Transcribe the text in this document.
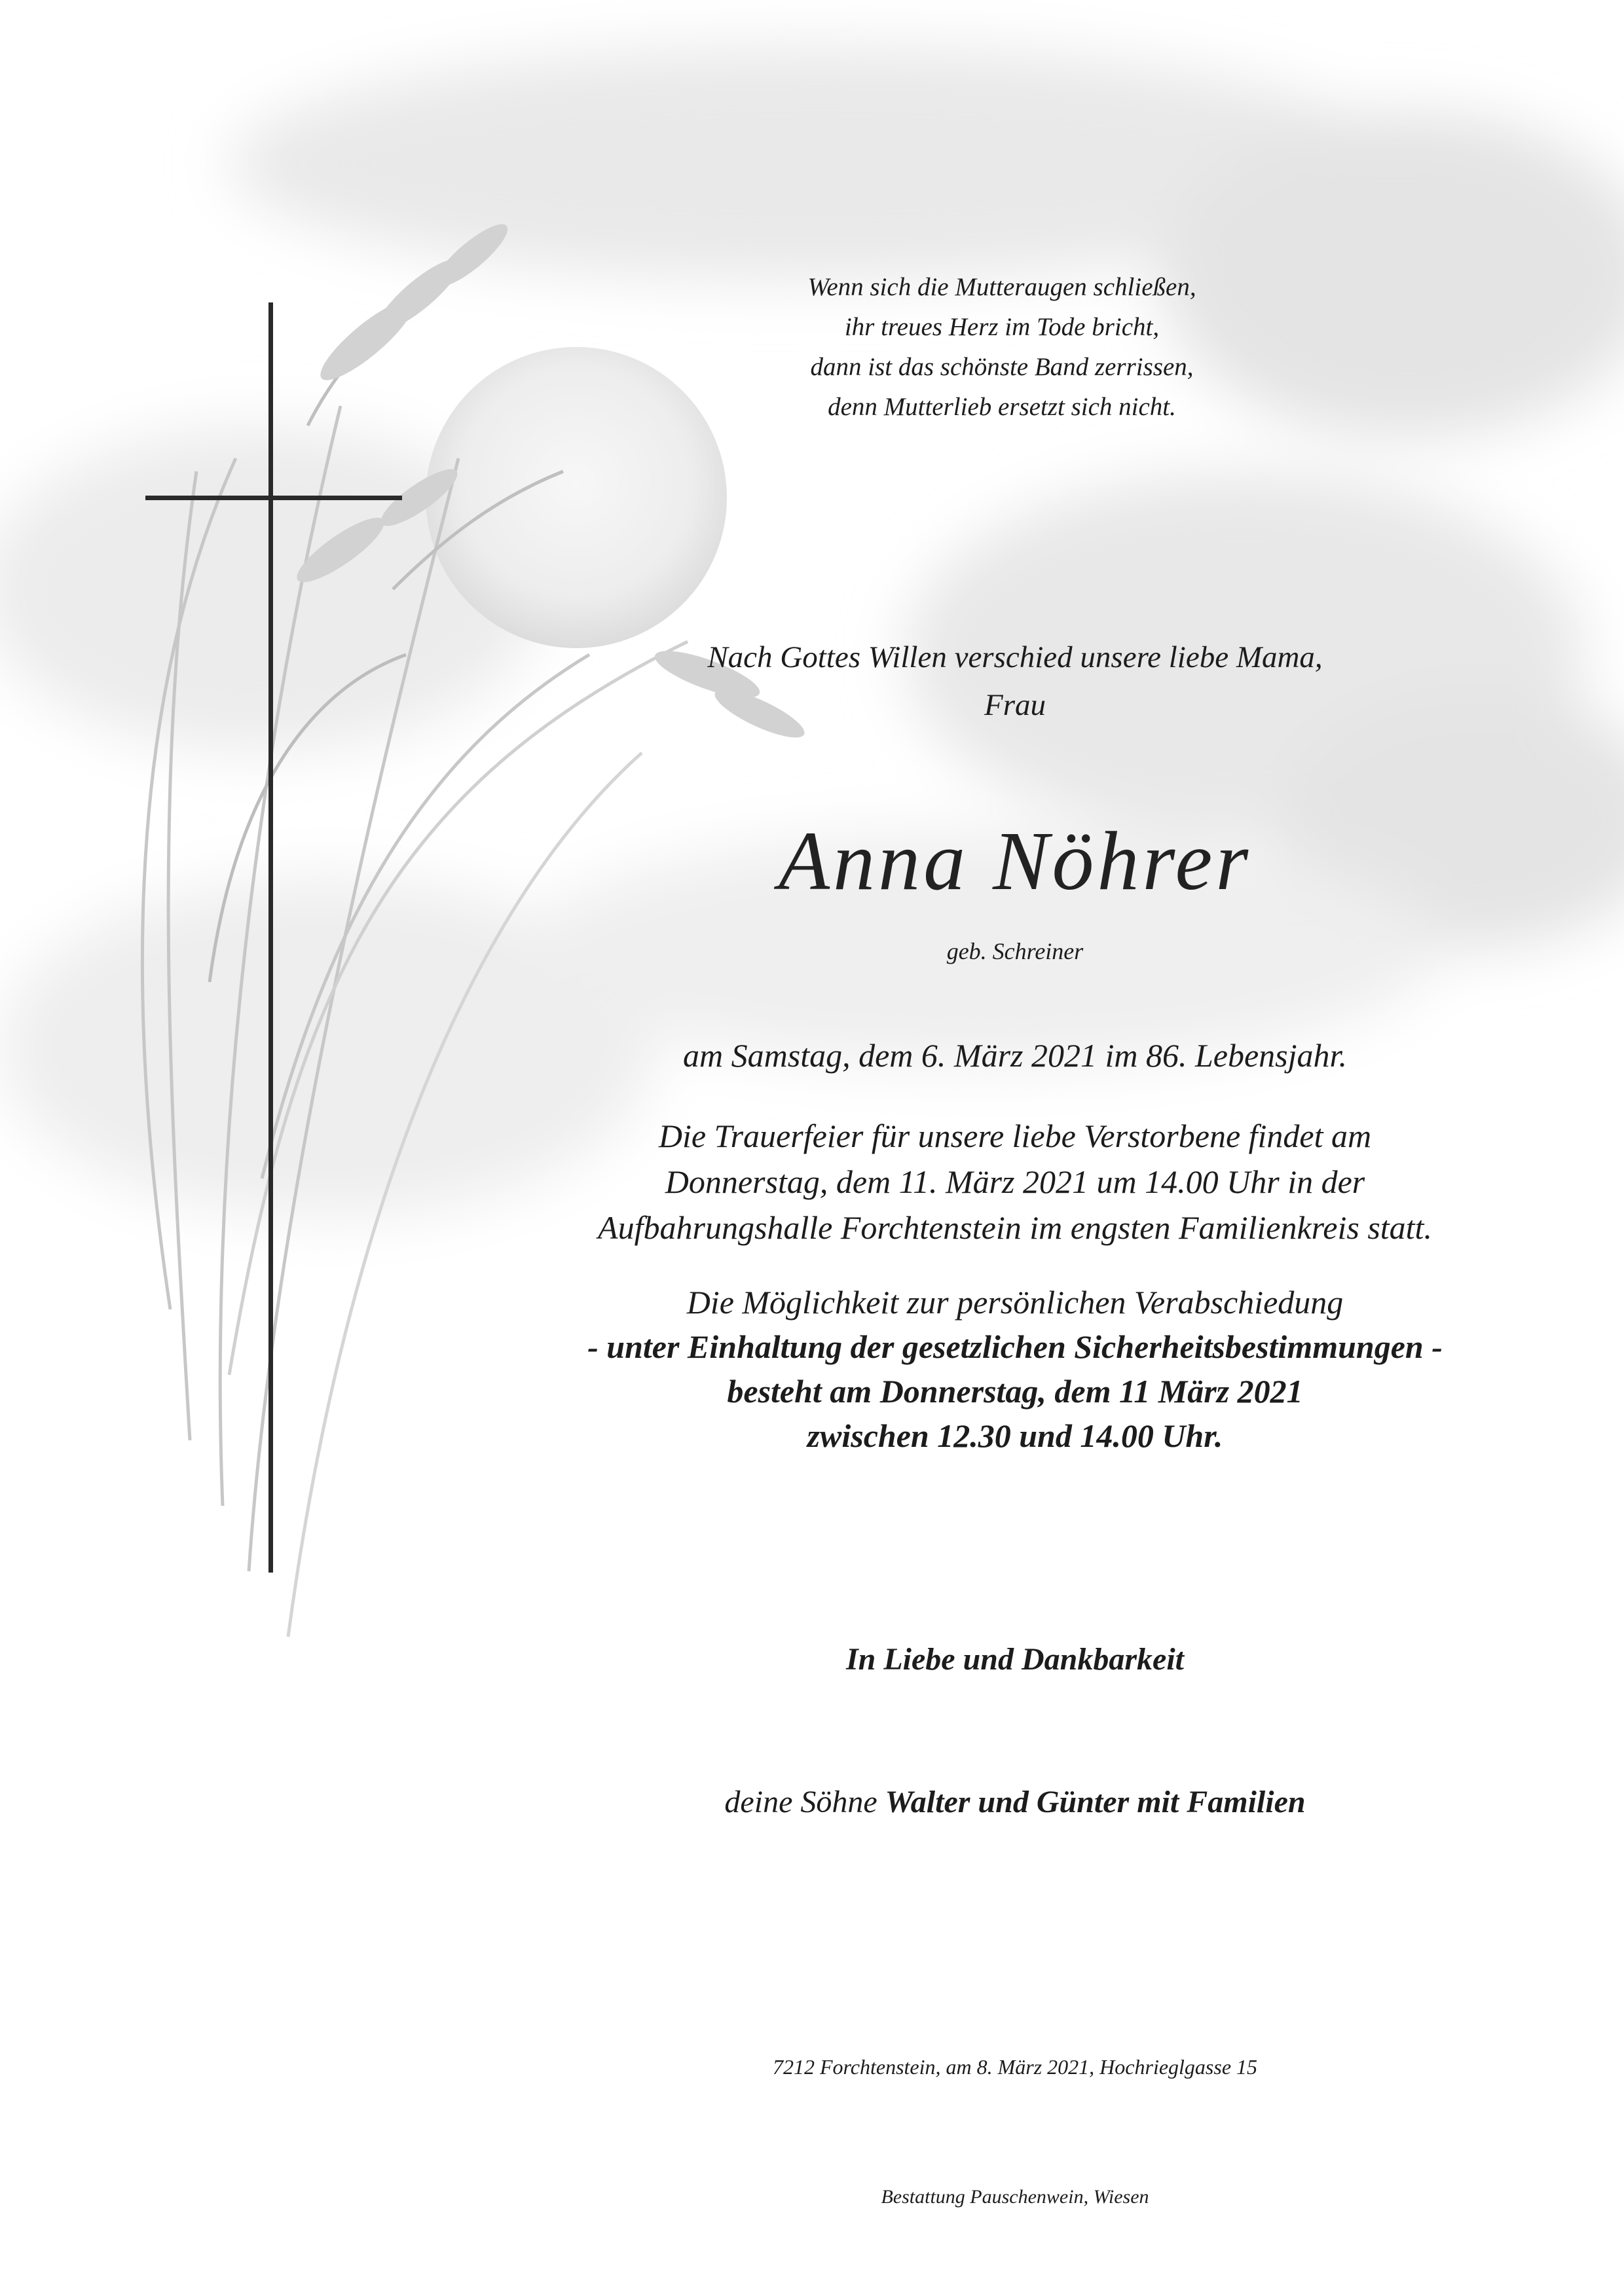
Wenn sich die Mutteraugen schließen,
ihr treues Herz im Tode bricht,
dann ist das schönste Band zerrissen,
denn Mutterlieb ersetzt sich nicht.
Nach Gottes Willen verschied unsere liebe Mama,
Frau
Anna Nöhrer
geb. Schreiner
am Samstag, dem 6. März 2021 im 86. Lebensjahr.
Die Trauerfeier für unsere liebe Verstorbene findet am
Donnerstag, dem 11. März 2021 um 14.00 Uhr in der
Aufbahrungshalle Forchtenstein im engsten Familienkreis statt.
Die Möglichkeit zur persönlichen Verabschiedung
- unter Einhaltung der gesetzlichen Sicherheitsbestimmungen -
besteht am Donnerstag, dem 11 März 2021
zwischen 12.30 und 14.00 Uhr.
In Liebe und Dankbarkeit
deine Söhne Walter und Günter mit Familien
7212 Forchtenstein, am 8. März 2021, Hochrieglgasse 15
Bestattung Pauschenwein, Wiesen
